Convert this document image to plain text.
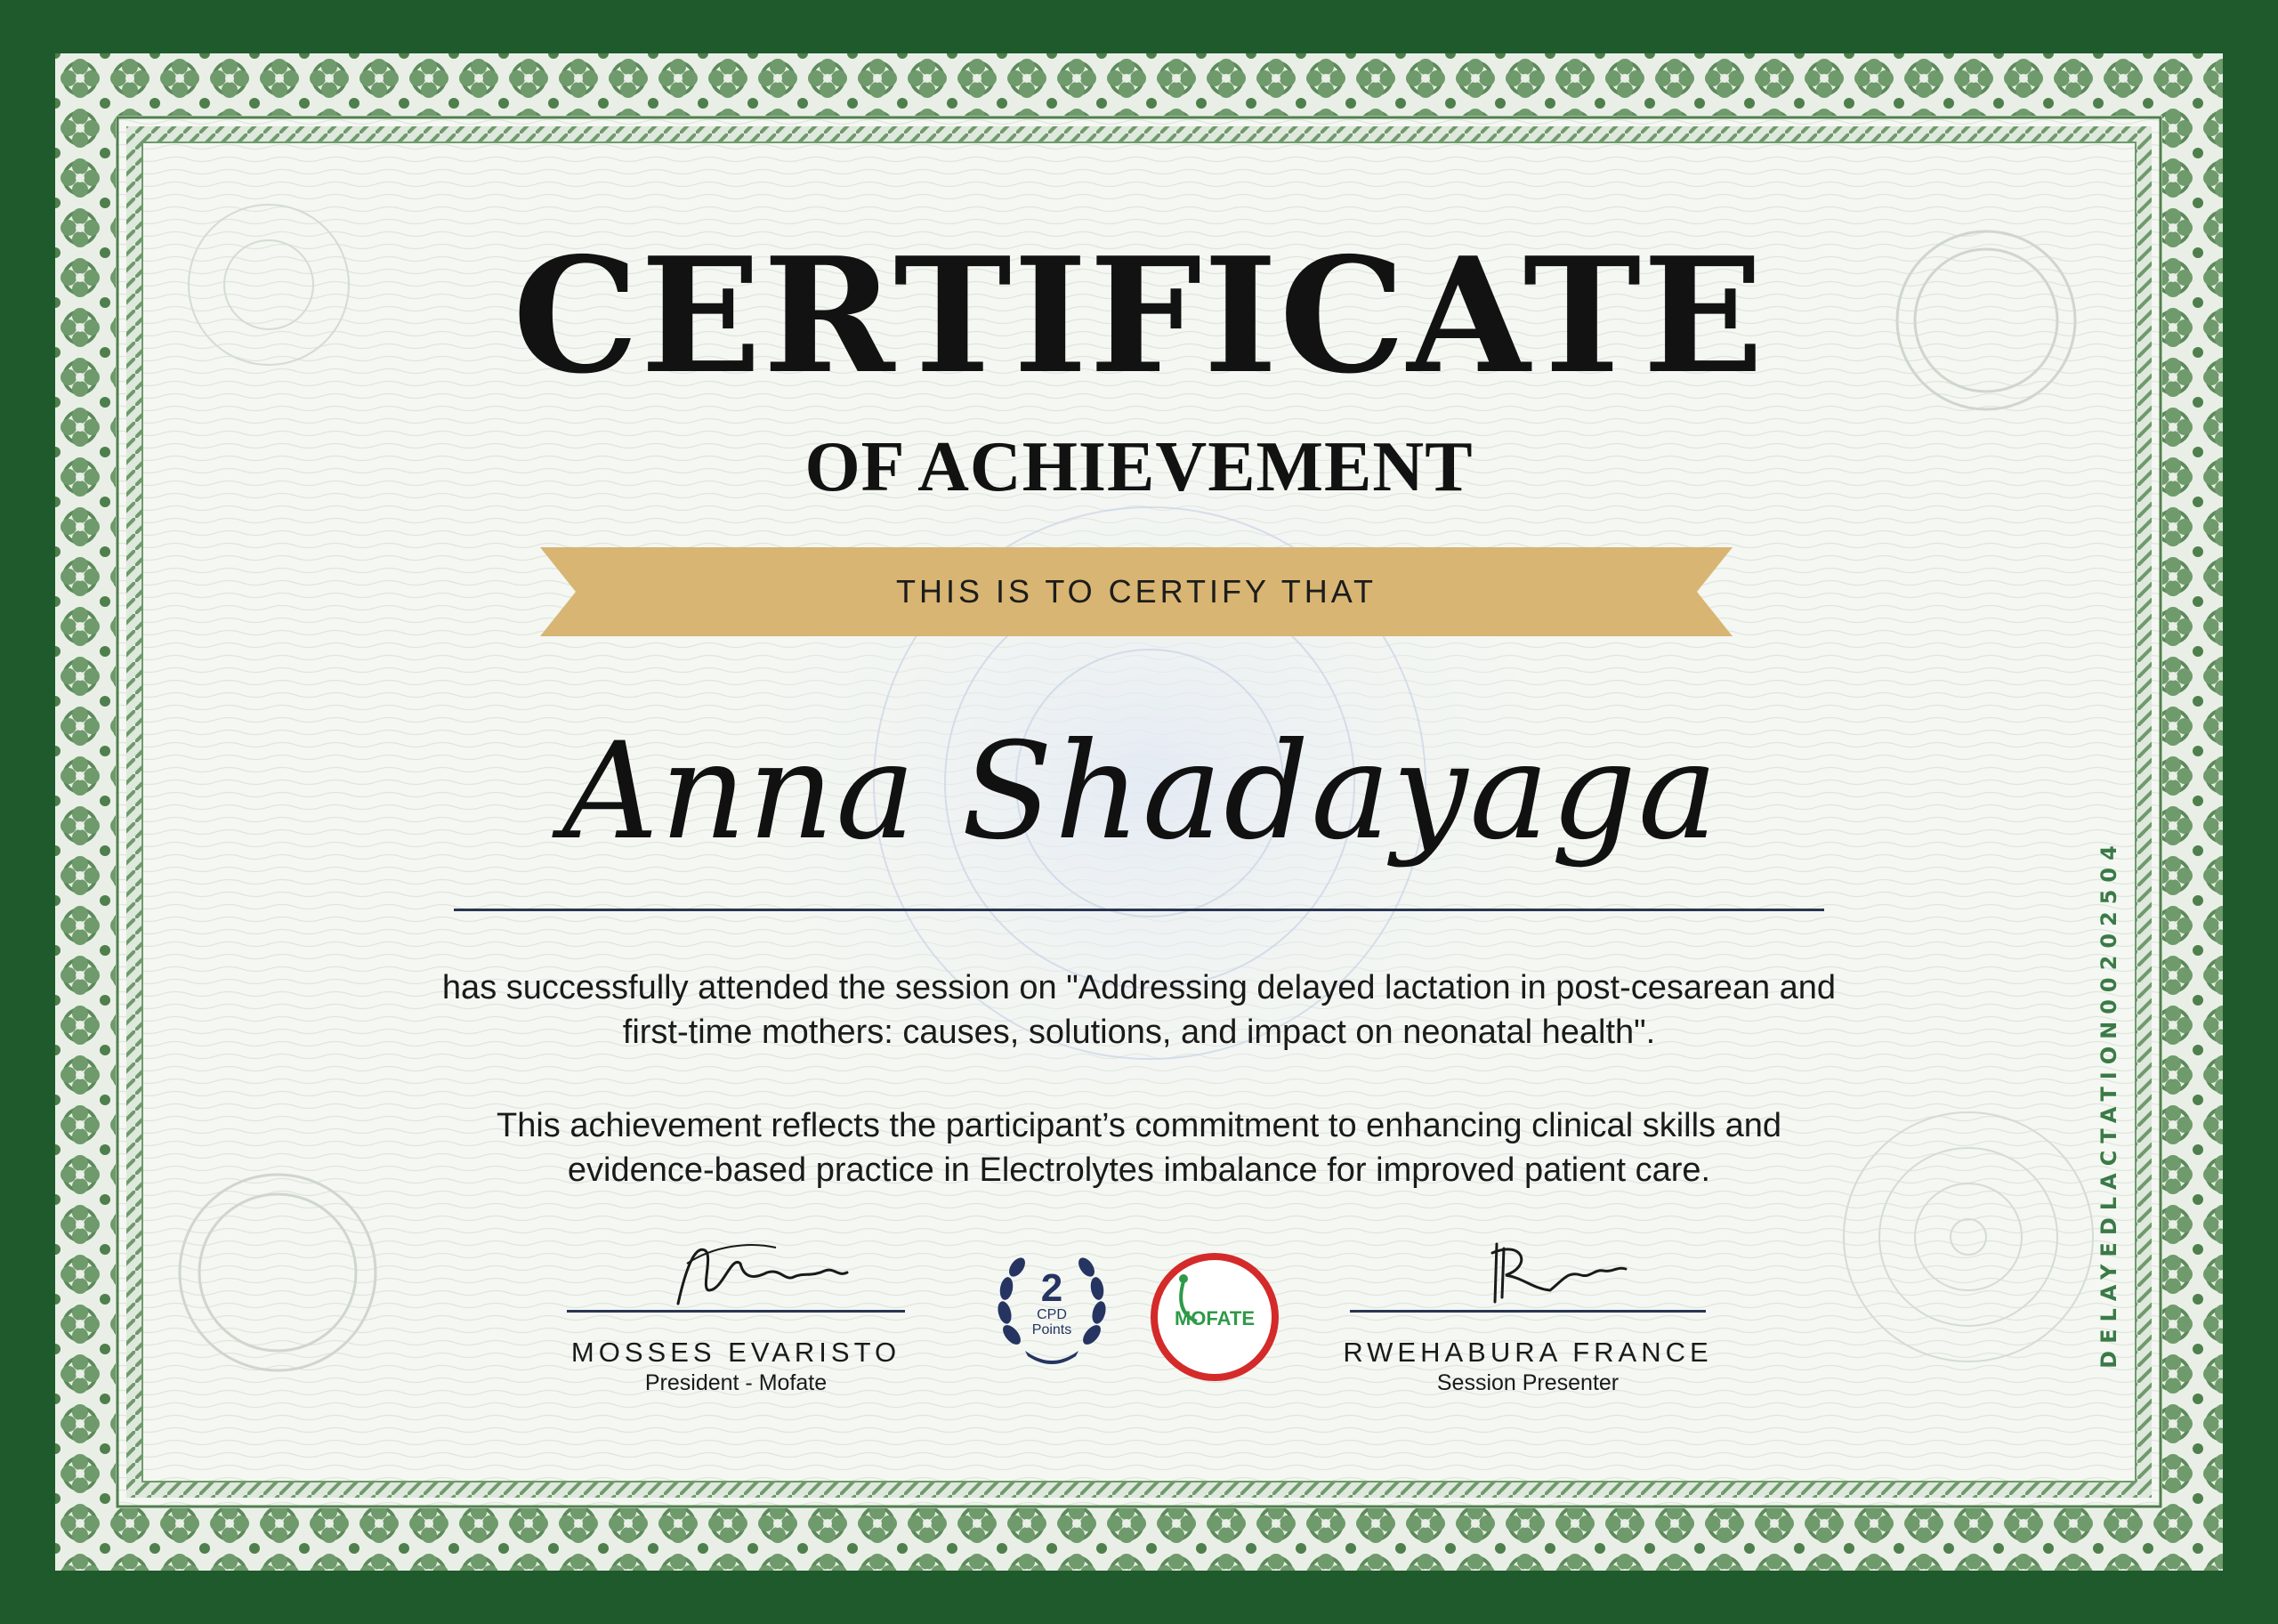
CERTIFICATE
OF ACHIEVEMENT
THIS IS TO CERTIFY THAT
Anna Shadayaga
has successfully attended the session on "Addressing delayed lactation in post-cesarean and
first-time mothers: causes, solutions, and impact on neonatal health".
This achievement reflects the participant’s commitment to enhancing clinical skills and
evidence-based practice in Electrolytes imbalance for improved patient care.
MOSSES EVARISTO
President - Mofate
RWEHABURA FRANCE
Session Presenter
2
CPD
Points
MOFATE	DELAYEDLACTATION00202504
